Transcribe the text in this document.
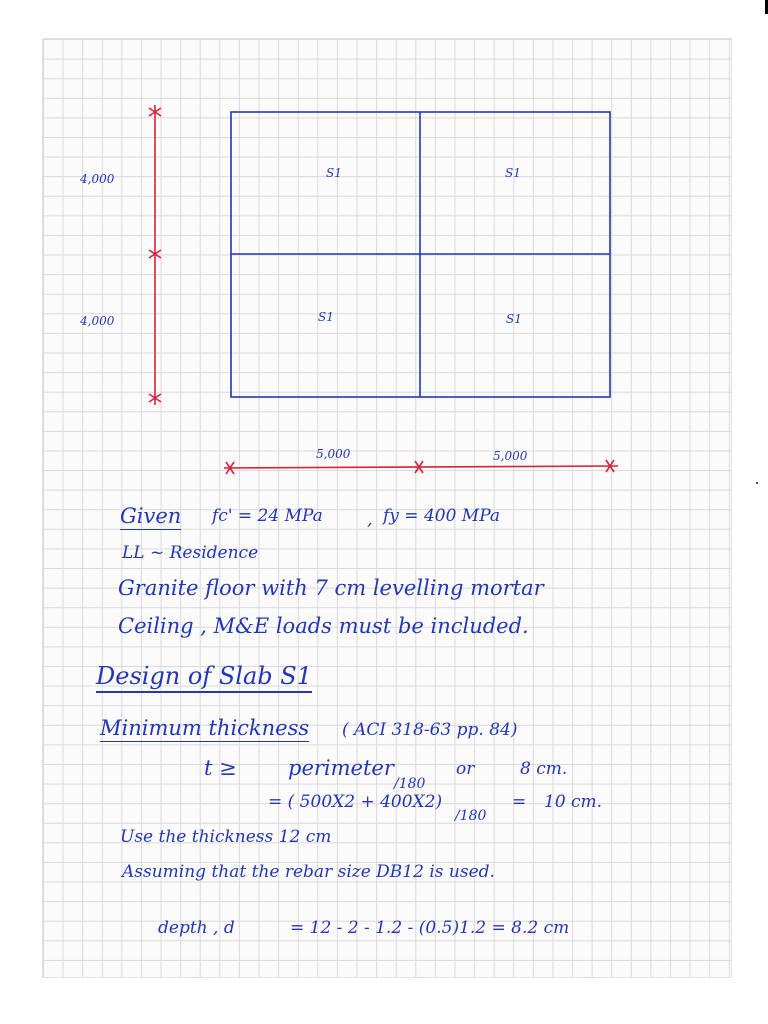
4,000
4,000
5,000	5,000
S1	S1
S1	S1
Given fc' = 24 MPa	, fy = 400 MPa
LL ~ Residence
Granite floor with 7 cm levelling mortar
Ceiling , M&E loads must be included.
Design of Slab S1
Minimum thickness ( ACI 318-63 pp. 84)
t ≥ perimeter
/180
or	8 cm.
= ( 500X2 + 400X2)
/180
= 10 cm.
Use the thickness 12 cm
Assuming that the rebar size DB12 is used.
depth , d	= 12 - 2 - 1.2 - (0.5)1.2 = 8.2 cm
